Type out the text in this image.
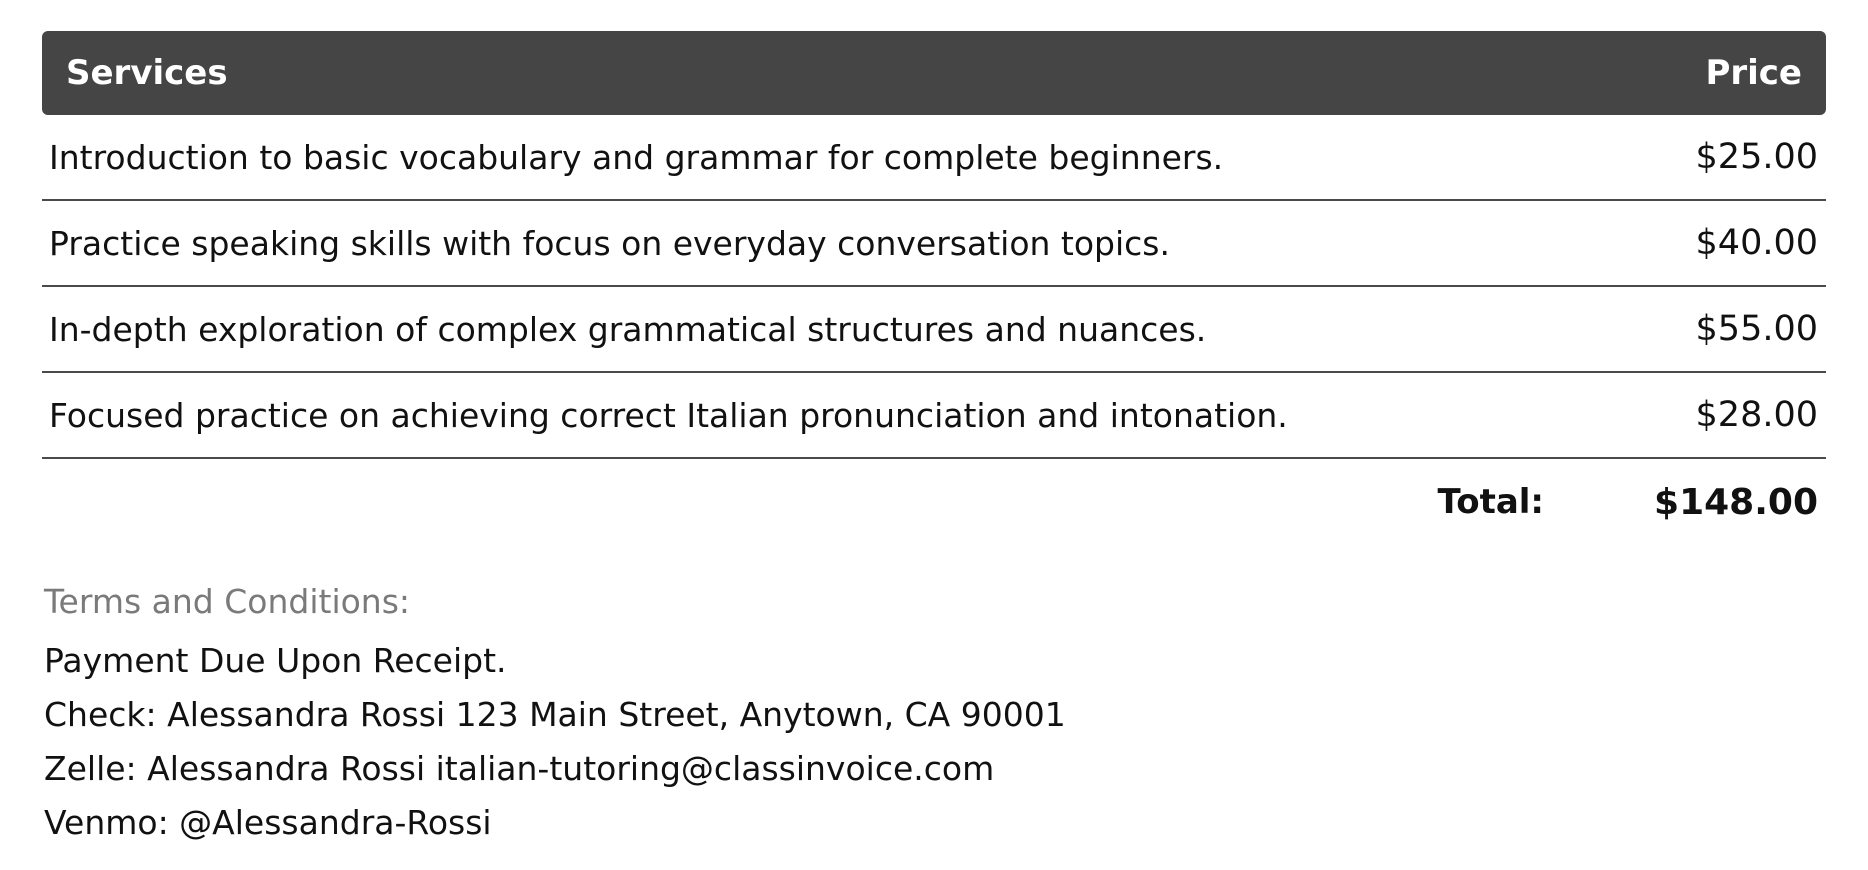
Services	Price
Introduction to basic vocabulary and grammar for complete beginners.	$25.00
Practice speaking skills with focus on everyday conversation topics.	$40.00
In-depth exploration of complex grammatical structures and nuances.	$55.00
Focused practice on achieving correct Italian pronunciation and intonation.	$28.00
Total:	$148.00
Terms and Conditions:
Payment Due Upon Receipt.
Check: Alessandra Rossi 123 Main Street, Anytown, CA 90001
Zelle: Alessandra Rossi italian-tutoring@classinvoice.com
Venmo: @Alessandra-Rossi
